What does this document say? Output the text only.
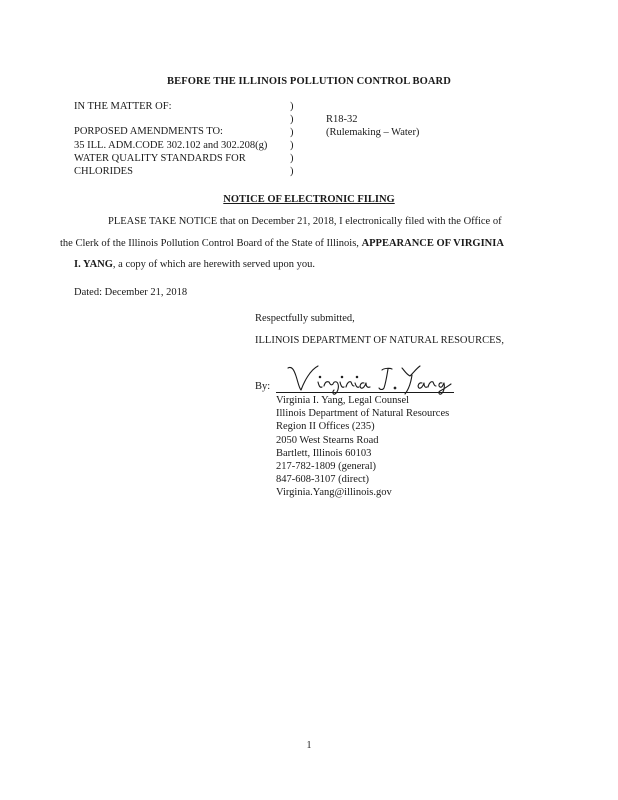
BEFORE THE ILLINOIS POLLUTION CONTROL BOARD
IN THE MATTER OF:
PORPOSED AMENDMENTS TO:
35 ILL. ADM.CODE 302.102 and 302.208(g)
WATER QUALITY STANDARDS FOR
CHLORIDES
)
)
)
)
)
)
R18-32
(Rulemaking – Water)
NOTICE OF ELECTRONIC FILING
PLEASE TAKE NOTICE that on December 21, 2018, I electronically filed with the Office of
the Clerk of the Illinois Pollution Control Board of the State of Illinois, APPEARANCE OF VIRGINIA
I. YANG, a copy of which are herewith served upon you.
Dated: December 21, 2018
Respectfully submitted,
ILLINOIS DEPARTMENT OF NATURAL RESOURCES,
By:
Virginia I. Yang, Legal Counsel
Illinois Department of Natural Resources
Region II Offices (235)
2050 West Stearns Road
Bartlett, Illinois 60103
217-782-1809 (general)
847-608-3107 (direct)
Virginia.Yang@illinois.gov
1
